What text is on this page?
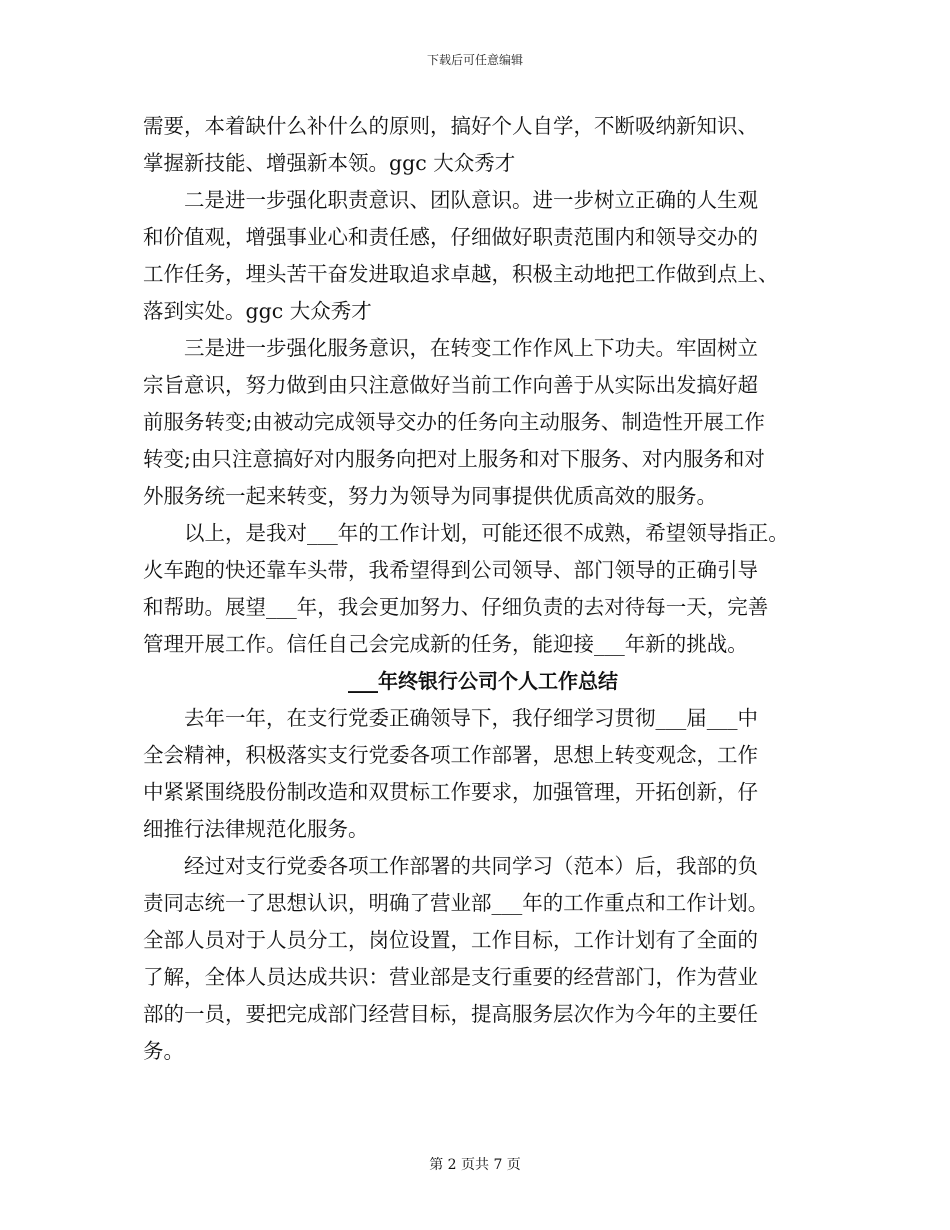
下载后可任意编辑
需要，本着缺什么补什么的原则，搞好个人自学，不断吸纳新知识、
掌握新技能、增强新本领。ggc 大众秀才
二是进一步强化职责意识、团队意识。进一步树立正确的人生观
和价值观，增强事业心和责任感，仔细做好职责范围内和领导交办的
工作任务，埋头苦干奋发进取追求卓越，积极主动地把工作做到点上、
落到实处。ggc 大众秀才
三是进一步强化服务意识，在转变工作作风上下功夫。牢固树立
宗旨意识，努力做到由只注意做好当前工作向善于从实际出发搞好超
前服务转变;由被动完成领导交办的任务向主动服务、制造性开展工作
转变;由只注意搞好对内服务向把对上服务和对下服务、对内服务和对
外服务统一起来转变，努力为领导为同事提供优质高效的服务。
以上，是我对___年的工作计划，可能还很不成熟，希望领导指正。
火车跑的快还靠车头带，我希望得到公司领导、部门领导的正确引导
和帮助。展望___年，我会更加努力、仔细负责的去对待每一天，完善
管理开展工作。信任自己会完成新的任务，能迎接___年新的挑战。
___年终银行公司个人工作总结
去年一年，在支行党委正确领导下，我仔细学习贯彻___届___中
全会精神，积极落实支行党委各项工作部署，思想上转变观念，工作
中紧紧围绕股份制改造和双贯标工作要求，加强管理，开拓创新，仔
细推行法律规范化服务。
经过对支行党委各项工作部署的共同学习（范本）后，我部的负
责同志统一了思想认识，明确了营业部___年的工作重点和工作计划。
全部人员对于人员分工，岗位设置，工作目标，工作计划有了全面的
了解，全体人员达成共识：营业部是支行重要的经营部门，作为营业
部的一员，要把完成部门经营目标，提高服务层次作为今年的主要任
务。
第 2 页共 7 页
